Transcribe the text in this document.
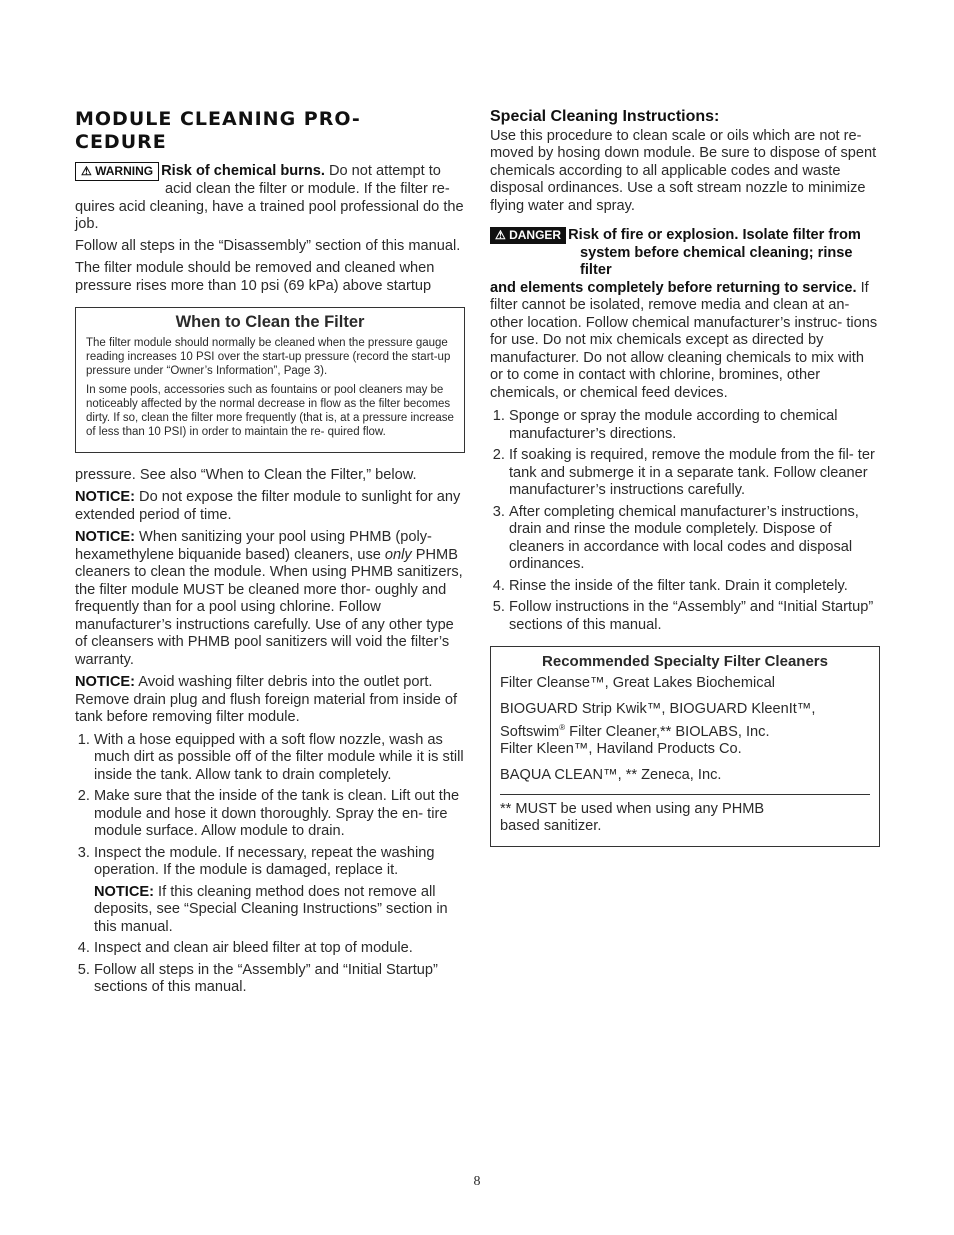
MODULE CLEANING PRO-
CEDURE
⚠ WARNING Risk of chemical burns. Do not attempt to
acid clean the filter or module. If the filter re-
quires acid cleaning, have a trained pool professional do the job.

Follow all steps in the “Disassembly” section of this manual.

The filter module should be removed and cleaned when pressure rises more than 10 psi (69 kPa) above startup

When to Clean the Filter

The filter module should normally be cleaned when the pressure gauge reading increases 10 PSI over the start-up pressure (record the start-up pressure under “Owner’s Information”, Page 3).

In some pools, accessories such as fountains or pool cleaners may be noticeably affected by the normal decrease in flow as the filter becomes dirty. If so, clean the filter more frequently (that is, at a pressure increase of less than 10 PSI) in order to maintain the re- quired flow.

pressure. See also “When to Clean the Filter,” below.

NOTICE: Do not expose the filter module to sunlight for any extended period of time.

NOTICE: When sanitizing your pool using PHMB (poly- hexamethylene biquanide based) cleaners, use only PHMB cleaners to clean the module. When using PHMB sanitizers, the filter module MUST be cleaned more thor- oughly and frequently than for a pool using chlorine. Follow manufacturer’s instructions carefully. Use of any other type of cleansers with PHMB pool sanitizers will void the filter’s warranty.

NOTICE: Avoid washing filter debris into the outlet port. Remove drain plug and flush foreign material from inside of tank before removing filter module.

1. With a hose equipped with a soft flow nozzle, wash as much dirt as possible off of the filter module while it is still inside the tank. Allow tank to drain completely.
2. Make sure that the inside of the tank is clean. Lift out the module and hose it down thoroughly. Spray the en- tire module surface. Allow module to drain.
3. Inspect the module. If necessary, repeat the washing operation. If the module is damaged, replace it.
NOTICE: If this cleaning method does not remove all deposits, see “Special Cleaning Instructions” section in this manual.
4. Inspect and clean air bleed filter at top of module.
5. Follow all steps in the “Assembly” and “Initial Startup” sections of this manual.
Special Cleaning Instructions:

Use this procedure to clean scale or oils which are not re- moved by hosing down module. Be sure to dispose of spent chemicals according to all applicable codes and waste disposal ordinances. Use a soft stream nozzle to minimize flying water and spray.

⚠ DANGER Risk of fire or explosion. Isolate filter from
system before chemical cleaning; rinse filter
and elements completely before returning to service. If filter cannot be isolated, remove media and clean at an- other location. Follow chemical manufacturer’s instruc- tions for use. Do not mix chemicals except as directed by manufacturer. Do not allow cleaning chemicals to mix with or to come in contact with chlorine, bromines, other chemicals, or chemical feed devices.
1. Sponge or spray the module according to chemical manufacturer’s directions.
2. If soaking is required, remove the module from the fil- ter tank and submerge it in a separate tank. Follow cleaner manufacturer’s instructions carefully.
3. After completing chemical manufacturer’s instructions, drain and rinse the module completely. Dispose of cleaners in accordance with local codes and disposal ordinances.
4. Rinse the inside of the filter tank. Drain it completely.
5. Follow instructions in the “Assembly” and “Initial Startup” sections of this manual.
Recommended Specialty Filter Cleaners

Filter Cleanse™, Great Lakes Biochemical

BIOGUARD Strip Kwik™, BIOGUARD KleenIt™,
Softswim® Filter Cleaner,** BIOLABS, Inc.
Filter Kleen™, Haviland Products Co.

BAQUA CLEAN™, ** Zeneca, Inc.

** MUST be used when using any PHMB
based sanitizer.

8
